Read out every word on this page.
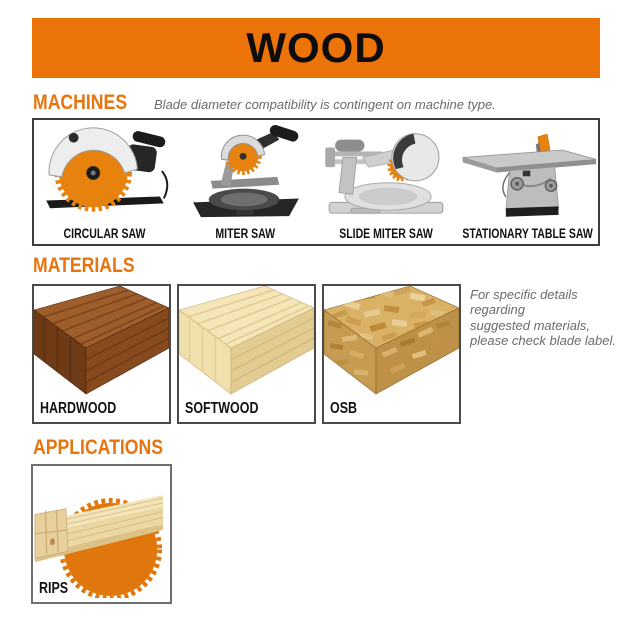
WOOD
MACHINES Blade diameter compatibility is contingent on machine type.
CIRCULAR SAW	MITER SAW	SLIDE MITER SAW	STATIONARY TABLE SAW
MATERIALS
HARDWOOD	SOFTWOOD	OSB
For specific details regarding
suggested materials,
please check blade label.
APPLICATIONS
RIPS
